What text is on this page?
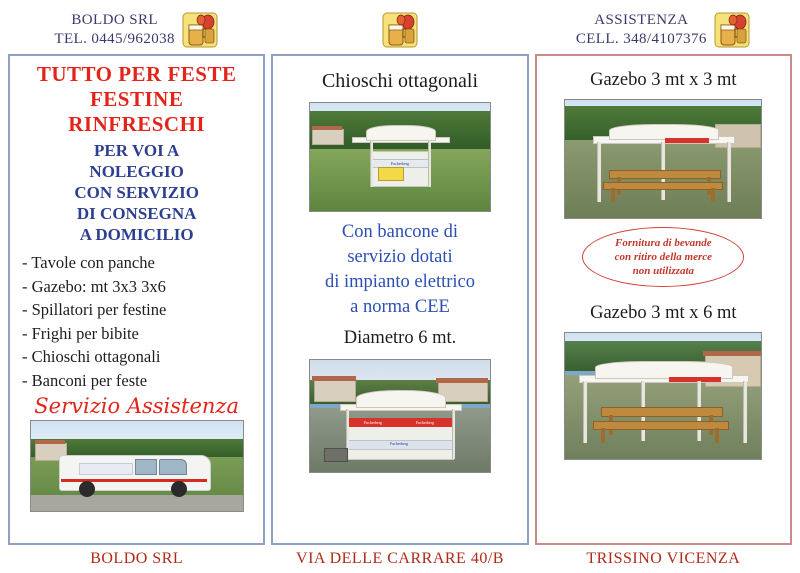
BOLDO SRL
TEL. 0445/962038
TUTTO PER FESTE
FESTINE
RINFRESCHI
PER VOI A
NOLEGGIO
CON SERVIZIO
DI CONSEGNA
A DOMICILIO
- Tavole con panche
- Gazebo: mt 3x3 3x6
- Spillatori per festine
- Frighi per bibite
- Chioschi ottagonali
- Banconi per feste
Servizio Assistenza
BOLDO SRL
Chioschi ottagonali
Fucherberg
Con bancone di
servizio dotati
di impianto elettrico
a norma CEE
Diametro 6 mt.
Fucherberg	Fucherberg
Fucherberg
VIA DELLE CARRARE 40/B
ASSISTENZA
CELL. 348/4107376
Gazebo 3 mt x 3 mt
Fornitura di bevande
con ritiro della merce
non utilizzata
Gazebo 3 mt x 6 mt
TRISSINO VICENZA
